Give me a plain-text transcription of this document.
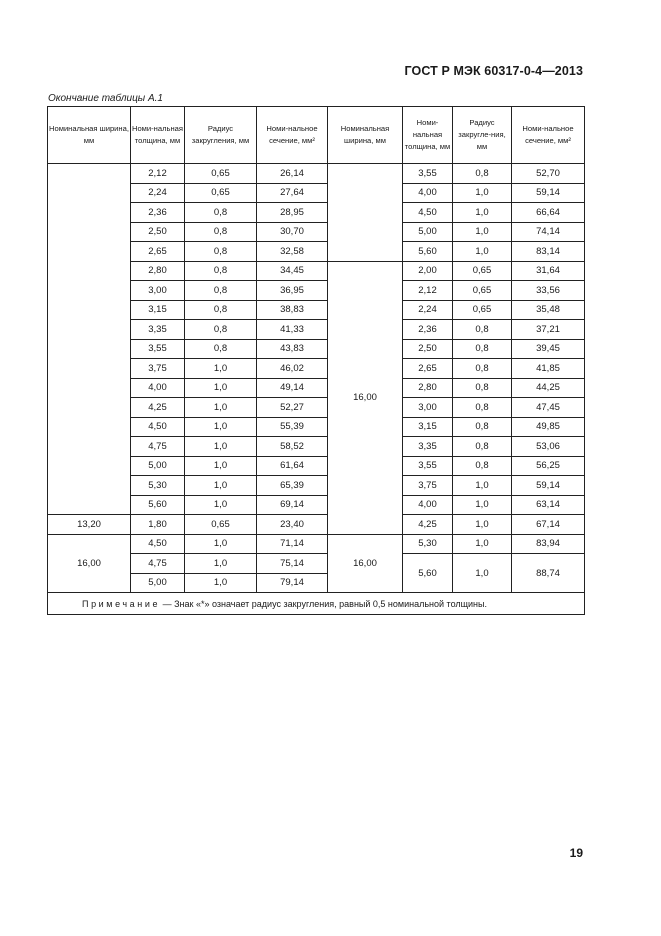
ГОСТ Р МЭК 60317-0-4—2013
Окончание таблицы А.1
Номинальная ширина, мм	Номи-нальная толщина, мм	Радиус закругления, мм	Номи-нальное сечение, мм²	Номинальная ширина, мм	Номи-нальная толщина, мм	Радиус закругле-ния, мм	Номи-нальное сечение, мм²
	2,12	0,65	26,14		3,55	0,8	52,70
	2,24	0,65	27,64		4,00	1,0	59,14
	2,36	0,8	28,95		4,50	1,0	66,64
	2,50	0,8	30,70		5,00	1,0	74,14
	2,65	0,8	32,58		5,60	1,0	83,14
	2,80	0,8	34,45	16,00	2,00	0,65	31,64
	3,00	0,8	36,95		2,12	0,65	33,56
	3,15	0,8	38,83		2,24	0,65	35,48
	3,35	0,8	41,33		2,36	0,8	37,21
	3,55	0,8	43,83		2,50	0,8	39,45
	3,75	1,0	46,02		2,65	0,8	41,85
	4,00	1,0	49,14		2,80	0,8	44,25
	4,25	1,0	52,27		3,00	0,8	47,45
	4,50	1,0	55,39		3,15	0,8	49,85
	4,75	1,0	58,52		3,35	0,8	53,06
	5,00	1,0	61,64		3,55	0,8	56,25
	5,30	1,0	65,39		3,75	1,0	59,14
	5,60	1,0	69,14		4,00	1,0	63,14
13,20	1,80	0,65	23,40		4,25	1,0	67,14
16,00	4,50	1,0	71,14	16,00	5,30	1,0	83,94
	4,75	1,0	75,14		5,60	1,0	88,74
	5,00	1,0	79,14				
Примечание — Знак «*» означает радиус закругления, равный 0,5 номинальной толщины.							
19
